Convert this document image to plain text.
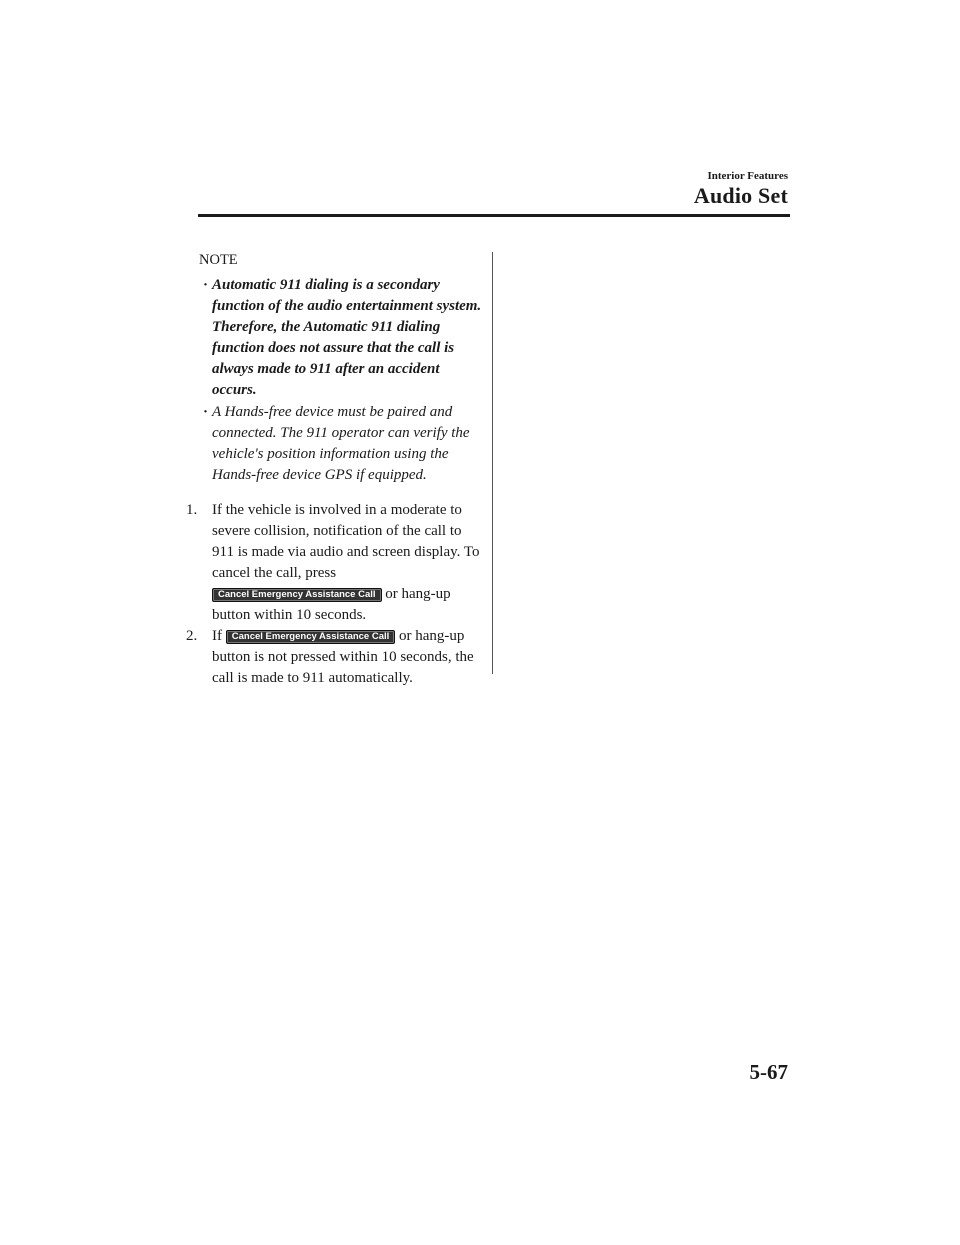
Interior Features
Audio Set
NOTE

· Automatic 911 dialing is a secondary function of the audio entertainment system. Therefore, the Automatic 911 dialing function does not assure that the call is always made to 911 after an accident occurs.

· A Hands-free device must be paired and connected. The 911 operator can verify the vehicle's position information using the Hands-free device GPS if equipped.

1. If the vehicle is involved in a moderate to severe collision, notification of the call to 911 is made via audio and screen display. To cancel the call, press Cancel Emergency Assistance Call or hang-up button within 10 seconds.
2. If Cancel Emergency Assistance Call or hang-up button is not pressed within 10 seconds, the call is made to 911 automatically.
5-67
